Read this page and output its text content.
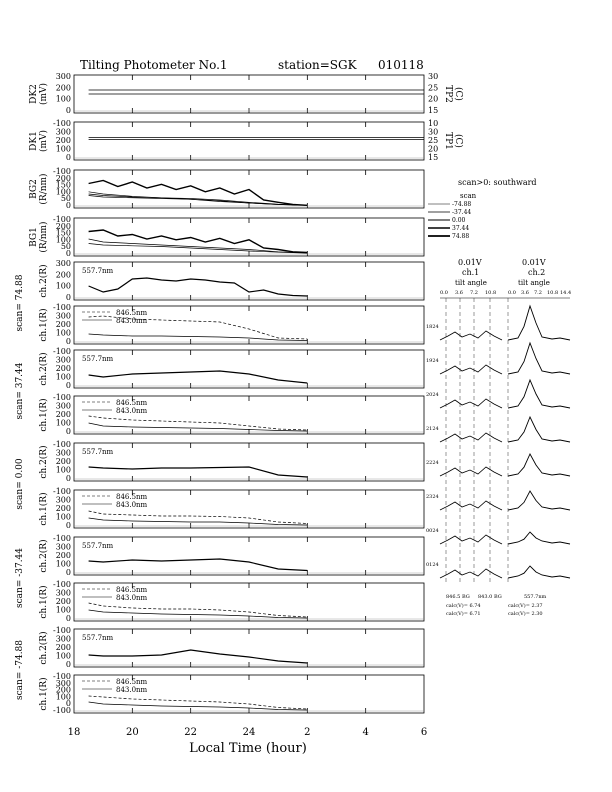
Tilting Photometer No.1	station=SGK 010118
300
200
100
0
DK2 (mV)
30
25
20
15
TP2 (C)
-100
300
200
100
0
DK1 (mV)
10
30
25
20
15
TP1 (C)
-100
200
150
100
50
0
BG2 (R/nm)
-100
200
150
100
50
0
BG1 (R/nm)
300
200
100
0
ch.2(R)	557.7nm
-100
300
200
100
0
ch.1(R)	846.5nm
843.0nm
-100
300
200
100
0
ch.2(R)	557.7nm
-100
300
200
100
0
ch.1(R)	846.5nm
843.0nm
-100
300
200
100
0
ch.2(R)	557.7nm
-100
300
200
100
0
ch.1(R)	846.5nm
843.0nm
-100
300
200
100
0
ch.2(R)	557.7nm
-100
300
200
100
0
ch.1(R)	846.5nm
843.0nm
-100
300
200
100
0
ch.2(R)	557.7nm
-100
300
200
100
0
-100
ch.1(R)	846.5nm
843.0nm
scan= 74.88
scan= 37.44
scan= 0.00
scan= -37.44
scan= -74.88
scan>0: southward
scan
-74.88
-37.44
0.00
37.44
74.88
0.01V
ch.1
tilt angle
0.01V
ch.2
tilt angle
0.0 3.6 7.2 10.8 0.0 3.6 7.2 10.8 14.4
1824
1924
2024
2124
2224
2324
0024
0124
846.5 BG 843.0 BG	557.7nm
calc(V)= 6.74
calc(V)= 6.71
calc(V)= 2.37
calc(V)= 2.30
Local Time (hour)
18	20	22	24	2	4	6
